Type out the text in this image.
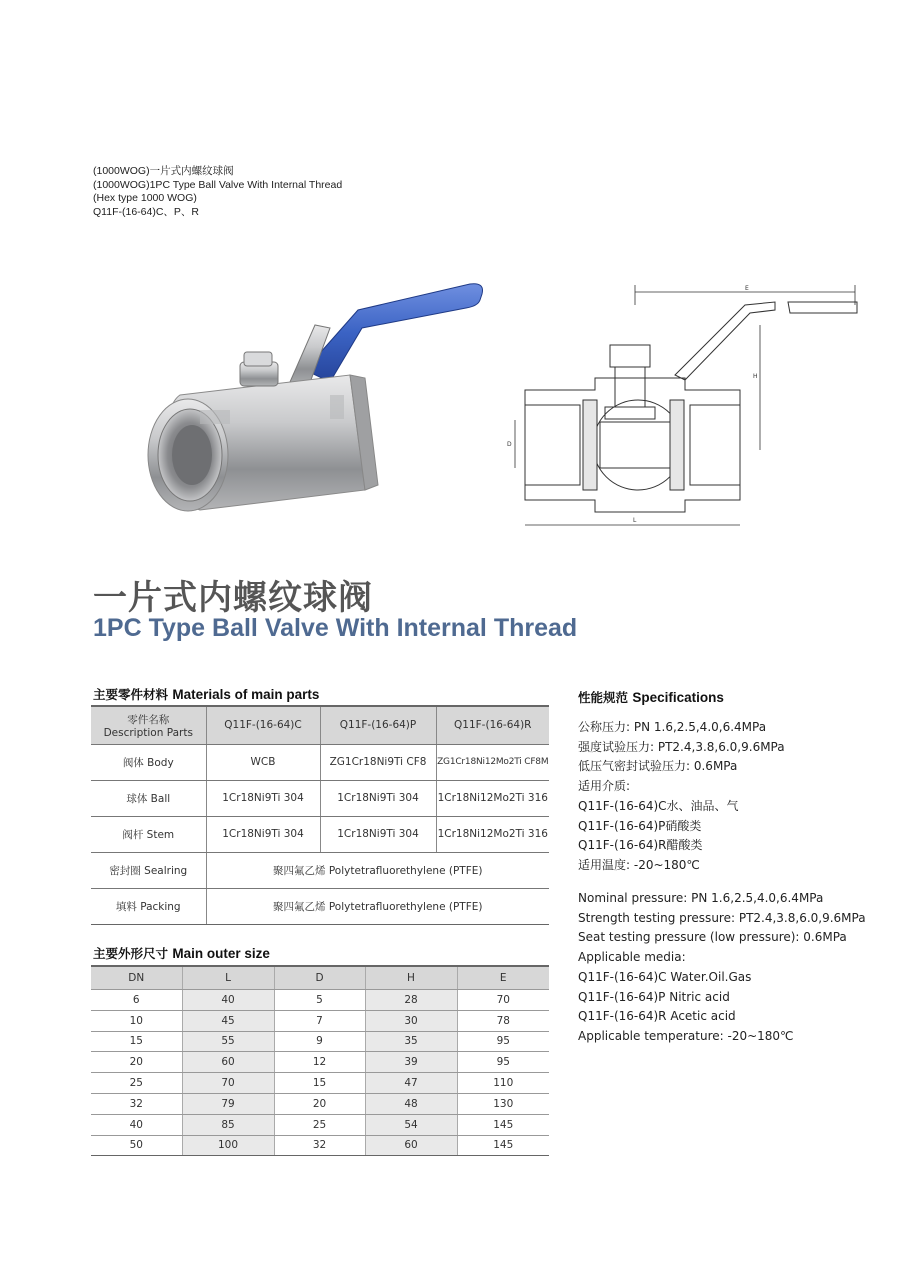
(1000WOG)一片式内螺纹球阀
(1000WOG)1PC Type Ball Valve With Internal Thread
(Hex type 1000 WOG)
Q11F-(16-64)C、P、R
E
H
D
L
一片式内螺纹球阀
1PC Type Ball Valve With Internal Thread
主要零件材料 Materials of main parts
零件名称
Description Parts	Q11F-(16-64)C	Q11F-(16-64)P	Q11F-(16-64)R
阀体 Body	WCB	ZG1Cr18Ni9Ti CF8	ZG1Cr18Ni12Mo2Ti CF8M
球体 Ball	1Cr18Ni9Ti 304	1Cr18Ni9Ti 304	1Cr18Ni12Mo2Ti 316
阀杆 Stem	1Cr18Ni9Ti 304	1Cr18Ni9Ti 304	1Cr18Ni12Mo2Ti 316
密封圈 Sealring	聚四氟乙烯 Polytetrafluorethylene (PTFE)		
填料 Packing	聚四氟乙烯 Polytetrafluorethylene (PTFE)		
主要外形尺寸 Main outer size
DN	L	D	H	E
6	40	5	28	70
10	45	7	30	78
15	55	9	35	95
20	60	12	39	95
25	70	15	47	110
32	79	20	48	130
40	85	25	54	145
50	100	32	60	145
性能规范 Specifications
公称压力: PN 1.6,2.5,4.0,6.4MPa
强度试验压力: PT2.4,3.8,6.0,9.6MPa
低压气密封试验压力: 0.6MPa
适用介质:
Q11F-(16-64)C水、油品、气
Q11F-(16-64)P硝酸类
Q11F-(16-64)R醋酸类
适用温度: -20~180℃
Nominal pressure: PN 1.6,2.5,4.0,6.4MPa
Strength testing pressure: PT2.4,3.8,6.0,9.6MPa
Seat testing pressure (low pressure): 0.6MPa
Applicable media:
Q11F-(16-64)C Water.Oil.Gas
Q11F-(16-64)P Nitric acid
Q11F-(16-64)R Acetic acid
Applicable temperature: -20~180℃
